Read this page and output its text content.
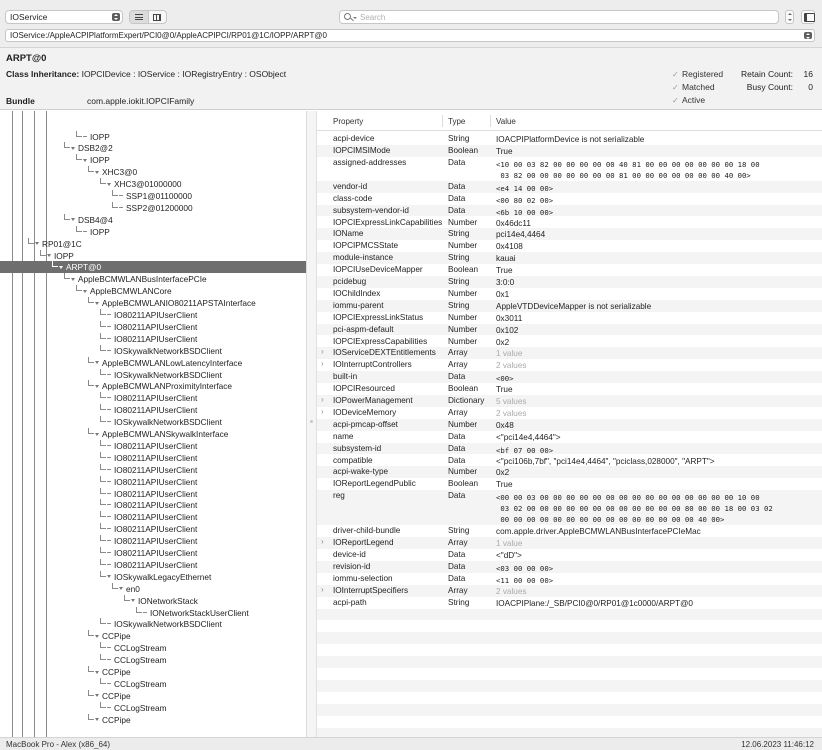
IOService
Search
IOService:/AppleACPIPlatformExpert/PCI0@0/AppleACPIPCI/RP01@1C/IOPP/ARPT@0
ARPT@0
Class Inheritance: IOPCIDevice : IOService : IORegistryEntry : OSObject
Bundle	com.apple.iokit.IOPCIFamily
✓ Registered
✓ Matched
✓ Active
Retain Count: 16
Busy Count: 0
IOPP
DSB2@2
IOPP
XHC3@0
XHC3@01000000
SSP1@01100000
SSP2@01200000
DSB4@4
IOPP
RP01@1C
IOPP
ARPT@0
AppleBCMWLANBusInterfacePCIe
AppleBCMWLANCore
AppleBCMWLANIO80211APSTAInterface
IO80211APIUserClient
IO80211APIUserClient
IO80211APIUserClient
IOSkywalkNetworkBSDClient
AppleBCMWLANLowLatencyInterface
IOSkywalkNetworkBSDClient
AppleBCMWLANProximityInterface
IO80211APIUserClient
IO80211APIUserClient
IOSkywalkNetworkBSDClient
AppleBCMWLANSkywalkInterface
IO80211APIUserClient
IO80211APIUserClient
IO80211APIUserClient
IO80211APIUserClient
IO80211APIUserClient
IO80211APIUserClient
IO80211APIUserClient
IO80211APIUserClient
IO80211APIUserClient
IO80211APIUserClient
IO80211APIUserClient
IOSkywalkLegacyEthernet
en0
IONetworkStack
IONetworkStackUserClient
IOSkywalkNetworkBSDClient
CCPipe
CCLogStream
CCLogStream
CCPipe
CCLogStream
CCPipe
CCLogStream
CCPipe
Property	Type	Value
acpi-device	String	IOACPIPlatformDevice is not serializable
IOPCIMSIMode	Boolean True
assigned-addresses	Data	<10 00 03 82 00 00 00 00 00 40 81 00 00 00 00 00 00 00 18 00
03 82 00 00 00 00 00 00 00 81 00 00 00 00 00 00 00 40 00>
vendor-id	Data	<e4 14 00 00>
class-code	Data	<00 80 02 00>
subsystem-vendor-id	Data	<6b 10 00 00>
IOPCIExpressLinkCapabilities Number 0x46dc11
IOName	String	pci14e4,4464
IOPCIPMCSState	Number 0x4108
module-instance	String	kauai
IOPCIUseDeviceMapper	Boolean True
pcidebug	String	3:0:0
IOChildIndex	Number 0x1
iommu-parent	String	AppleVTDDeviceMapper is not serializable
IOPCIExpressLinkStatus	Number 0x3011
pci-aspm-default	Number 0x102
IOPCIExpressCapabilities	Number 0x2
› IOServiceDEXTEntitlements Array	1 value
› IOInterruptControllers	Array	2 values
built-in	Data	<00>
IOPCIResourced	Boolean True
› IOPowerManagement	Dictionary 5 values
› IODeviceMemory	Array	2 values
acpi-pmcap-offset	Number 0x48
name	Data	<"pci14e4,4464">
subsystem-id	Data	<bf 07 00 00>
compatible	Data	<"pci106b,7bf", "pci14e4,4464", "pciclass,028000", "ARPT">
acpi-wake-type	Number 0x2
IOReportLegendPublic	Boolean True
reg	Data	<00 00 03 00 00 00 00 00 00 00 00 00 00 00 00 00 00 00 10 00
03 02 00 00 00 00 00 00 00 00 00 00 00 00 80 00 00 18 00 03 02
00 00 00 00 00 00 00 00 00 00 00 00 00 00 00 40 00>
driver-child-bundle	String	com.apple.driver.AppleBCMWLANBusInterfacePCIeMac
› IOReportLegend	Array	1 value
device-id	Data	<"dD">
revision-id	Data	<03 00 00 00>
iommu-selection	Data	<11 00 00 00>
› IOInterruptSpecifiers	Array	2 values
acpi-path	String	IOACPIPlane:/_SB/PCI0@0/RP01@1c0000/ARPT@0
MacBook Pro - Alex (x86_64)	12.06.2023 11:46:12
